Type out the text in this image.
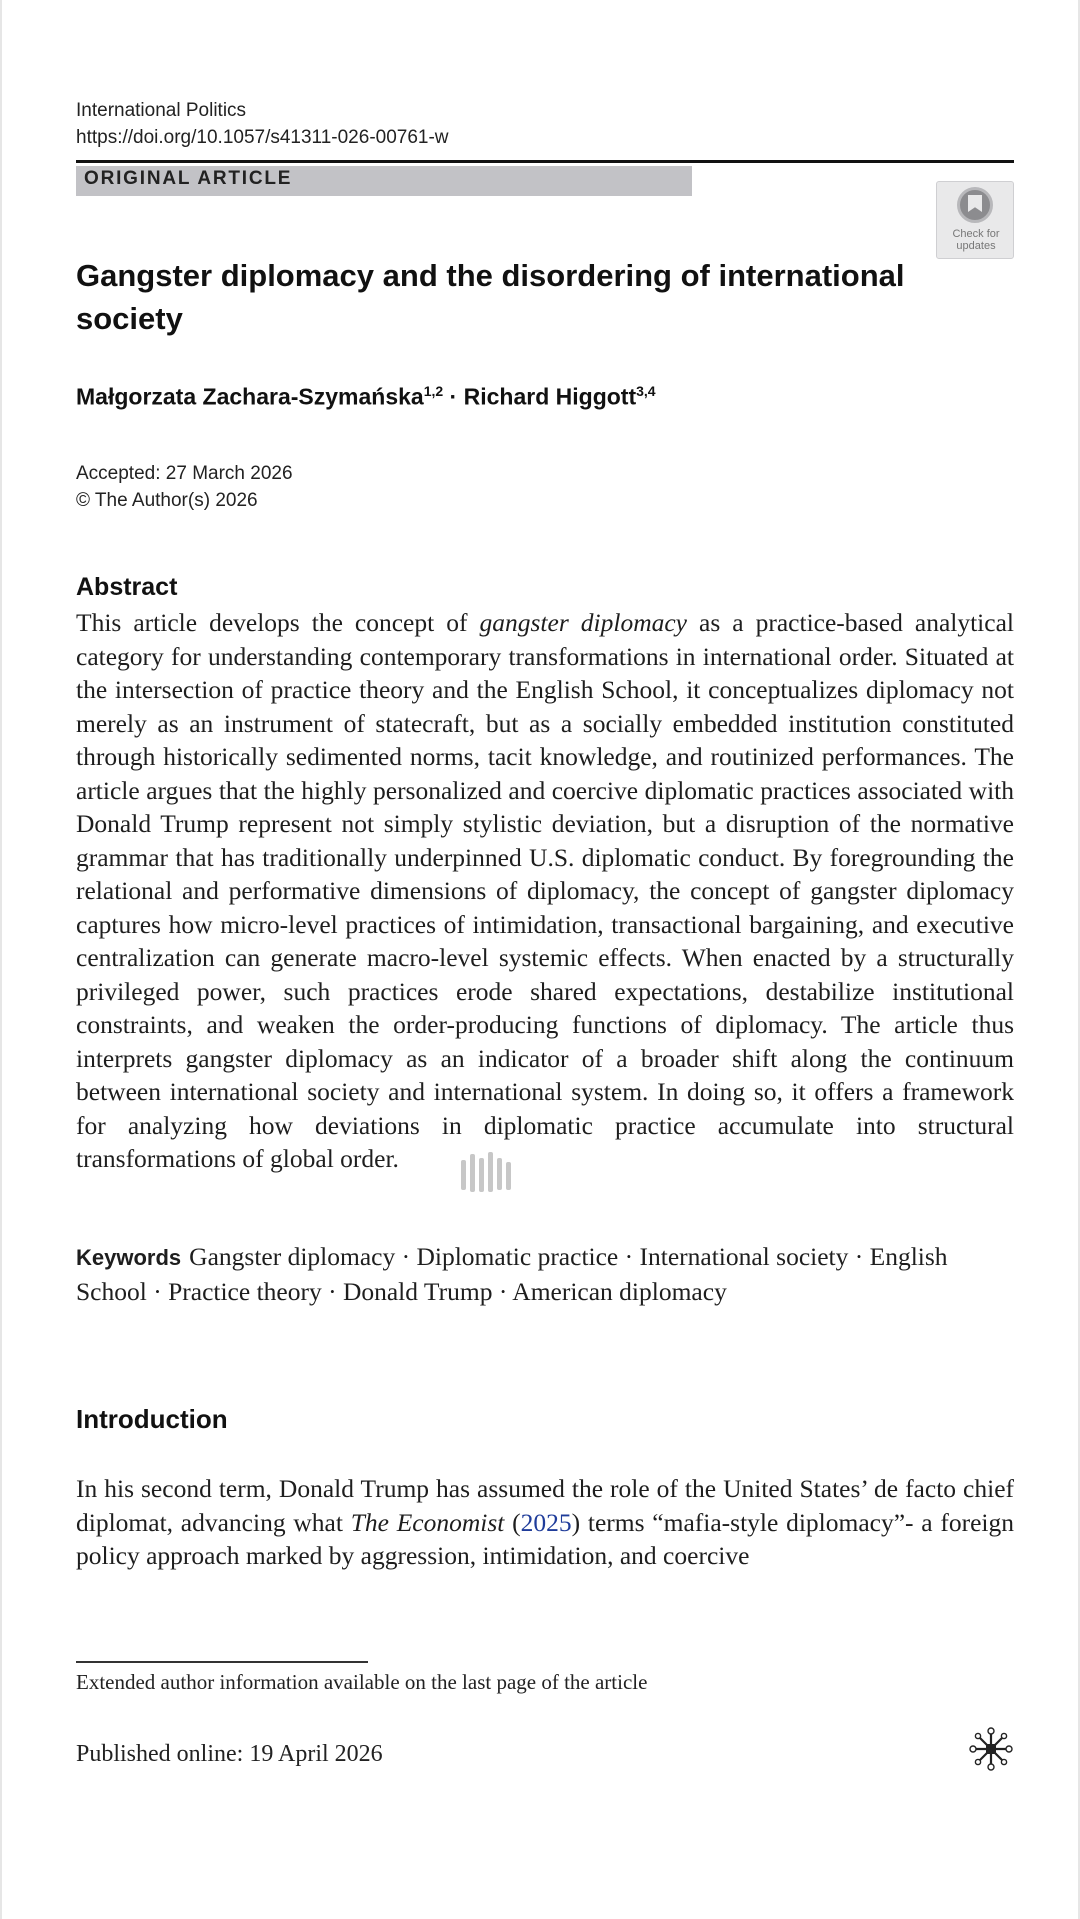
International Politics
https://doi.org/10.1057/s41311-026-00761-w
ORIGINAL ARTICLE
Check for
updates
Gangster diplomacy and the disordering of international society
Małgorzata Zachara-Szymańska$^{1,2}$ · Richard Higgott$^{3,4}$
Accepted: 27 March 2026
© The Author(s) 2026
Abstract
This article develops the concept of gangster diplomacy as a practice-based analytical category for understanding contemporary transformations in international order. Situated at the intersection of practice theory and the English School, it conceptualizes diplomacy not merely as an instrument of statecraft, but as a socially embedded institution constituted through historically sedimented norms, tacit knowledge, and routinized performances. The article argues that the highly personalized and coercive diplomatic practices associated with Donald Trump represent not simply stylistic deviation, but a disruption of the normative grammar that has traditionally underpinned U.S. diplomatic conduct. By foregrounding the relational and performative dimensions of diplomacy, the concept of gangster diplomacy captures how micro-level practices of intimidation, transactional bargaining, and executive centralization can generate macro-level systemic effects. When enacted by a structurally privileged power, such practices erode shared expectations, destabilize institutional constraints, and weaken the order-producing functions of diplomacy. The article thus interprets gangster diplomacy as an indicator of a broader shift along the continuum between international society and international system. In doing so, it offers a framework for analyzing how deviations in diplomatic practice accumulate into structural transformations of global order.
Keywords Gangster diplomacy · Diplomatic practice · International society · English School · Practice theory · Donald Trump · American diplomacy
Introduction
In his second term, Donald Trump has assumed the role of the United States’ de facto chief diplomat, advancing what The Economist (2025) terms “mafia-style diplomacy”- a foreign policy approach marked by aggression, intimidation, and coercive
Extended author information available on the last page of the article
Published online: 19 April 2026
